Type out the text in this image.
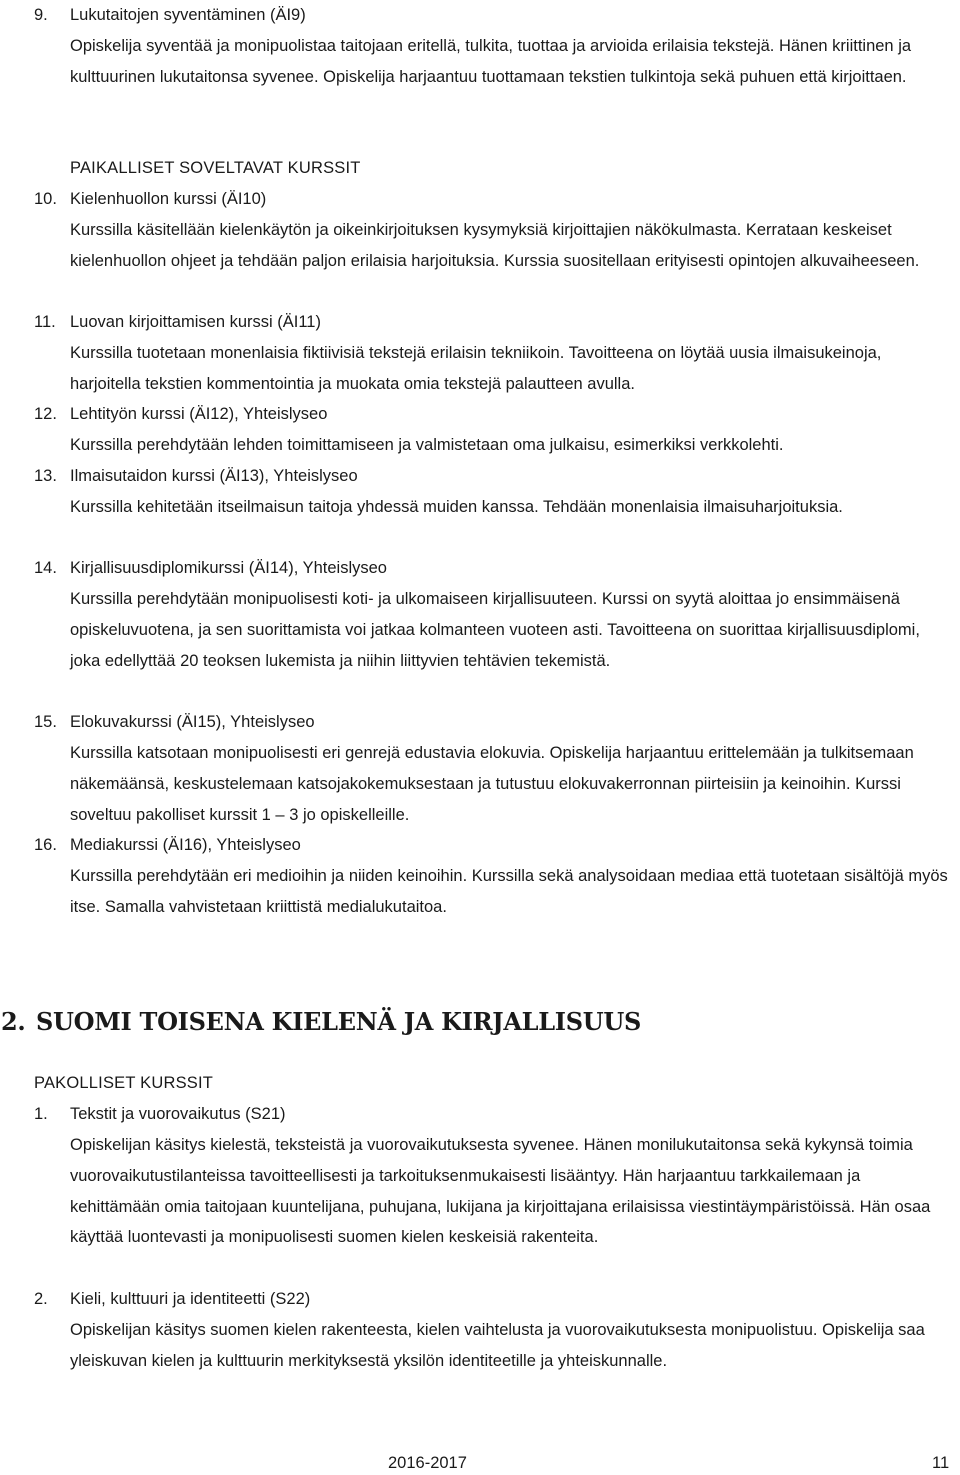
9. Lukutaitojen syventäminen (ÄI9)

Opiskelija syventää ja monipuolistaa taitojaan eritellä, tulkita, tuottaa ja arvioida erilaisia tekstejä. Hänen kriittinen ja kulttuurinen lukutaitonsa syvenee. Opiskelija harjaantuu tuottamaan tekstien tulkintoja sekä puhuen että kirjoittaen.

PAIKALLISET SOVELTAVAT KURSSIT
10. Kielenhuollon kurssi (ÄI10)

Kurssilla käsitellään kielenkäytön ja oikeinkirjoituksen kysymyksiä kirjoittajien näkökulmasta. Kerrataan keskeiset kielenhuollon ohjeet ja tehdään paljon erilaisia harjoituksia. Kurssia suositellaan erityisesti opintojen alkuvaiheeseen.

11. Luovan kirjoittamisen kurssi (ÄI11)

Kurssilla tuotetaan monenlaisia fiktiivisiä tekstejä erilaisin tekniikoin. Tavoitteena on löytää uusia ilmaisukeinoja, harjoitella tekstien kommentointia ja muokata omia tekstejä palautteen avulla.

12. Lehtityön kurssi (ÄI12), Yhteislyseo

Kurssilla perehdytään lehden toimittamiseen ja valmistetaan oma julkaisu, esimerkiksi verkkolehti.

13. Ilmaisutaidon kurssi (ÄI13), Yhteislyseo

Kurssilla kehitetään itseilmaisun taitoja yhdessä muiden kanssa. Tehdään monenlaisia ilmaisuharjoituksia.

14. Kirjallisuusdiplomikurssi (ÄI14), Yhteislyseo

Kurssilla perehdytään monipuolisesti koti- ja ulkomaiseen kirjallisuuteen. Kurssi on syytä aloittaa jo ensimmäisenä opiskeluvuotena, ja sen suorittamista voi jatkaa kolmanteen vuoteen asti. Tavoitteena on suorittaa kirjallisuusdiplomi, joka edellyttää 20 teoksen lukemista ja niihin liittyvien tehtävien tekemistä.

15. Elokuvakurssi (ÄI15), Yhteislyseo

Kurssilla katsotaan monipuolisesti eri genrejä edustavia elokuvia. Opiskelija harjaantuu erittelemään ja tulkitsemaan näkemäänsä, keskustelemaan katsojakokemuksestaan ja tutustuu elokuvakerronnan piirteisiin ja keinoihin. Kurssi soveltuu pakolliset kurssit 1 – 3 jo opiskelleille.

16. Mediakurssi (ÄI16), Yhteislyseo

Kurssilla perehdytään eri medioihin ja niiden keinoihin. Kurssilla sekä analysoidaan mediaa että tuotetaan sisältöjä myös itse. Samalla vahvistetaan kriittistä medialukutaitoa.

2. SUOMI TOISENA KIELENÄ JA KIRJALLISUUS
PAKOLLISET KURSSIT
1. Tekstit ja vuorovaikutus (S21)

Opiskelijan käsitys kielestä, teksteistä ja vuorovaikutuksesta syvenee. Hänen monilukutaitonsa sekä kykynsä toimia vuorovaikutustilanteissa tavoitteellisesti ja tarkoituksenmukaisesti lisääntyy. Hän harjaantuu tarkkailemaan ja kehittämään omia taitojaan kuuntelijana, puhujana, lukijana ja kirjoittajana erilaisissa viestintäympäristöissä. Hän osaa käyttää luontevasti ja monipuolisesti suomen kielen keskeisiä rakenteita.

2. Kieli, kulttuuri ja identiteetti (S22)

Opiskelijan käsitys suomen kielen rakenteesta, kielen vaihtelusta ja vuorovaikutuksesta monipuolistuu. Opiskelija saa yleiskuvan kielen ja kulttuurin merkityksestä yksilön identiteetille ja yhteiskunnalle.

2016-2017	11
